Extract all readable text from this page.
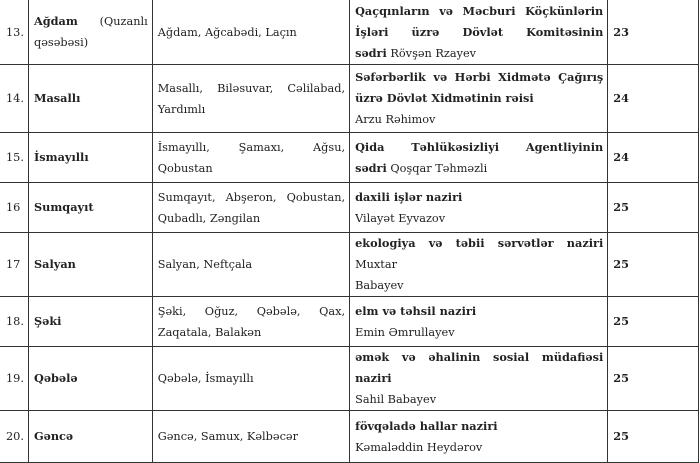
13.	Ağdam (Quzanlı
qəsəbəsi)	Ağdam, Ağcabədi, Laçın	Qaçqınların və Məcburi Köçkünlərin
İşləri üzrə Dövlət Komitəsinin
sədri Rövşən Rzayev	23
14.	Masallı	Masallı, Biləsuvar, Cəlilabad,
Yardımlı	Səfərbərlik və Hərbi Xidmətə Çağırış
üzrə Dövlət Xidmətinin rəisi
Arzu Rəhimov	24
15.	İsmayıllı	İsmayıllı, Şamaxı, Ağsu,
Qobustan	Qida Təhlükəsizliyi Agentliyinin
sədri Qoşqar Təhməzli	24
16	Sumqayıt	Sumqayıt, Abşeron, Qobustan,
Qubadlı, Zəngilan	daxili işlər naziri
Vilayət Eyvazov	25
17	Salyan	Salyan, Neftçala	ekologiya və təbii sərvətlər naziri Muxtar
Babayev	25
18.	Şəki	Şəki, Oğuz, Qəbələ, Qax,
Zaqatala, Balakən	elm və təhsil naziri
Emin Əmrullayev	25
19.	Qəbələ	Qəbələ, İsmayıllı	əmək və əhalinin sosial müdafiəsi naziri
Sahil Babayev	25
20.	Gəncə	Gəncə, Samux, Kəlbəcər	fövqəladə hallar naziri
Kəmaləddin Heydərov	25
